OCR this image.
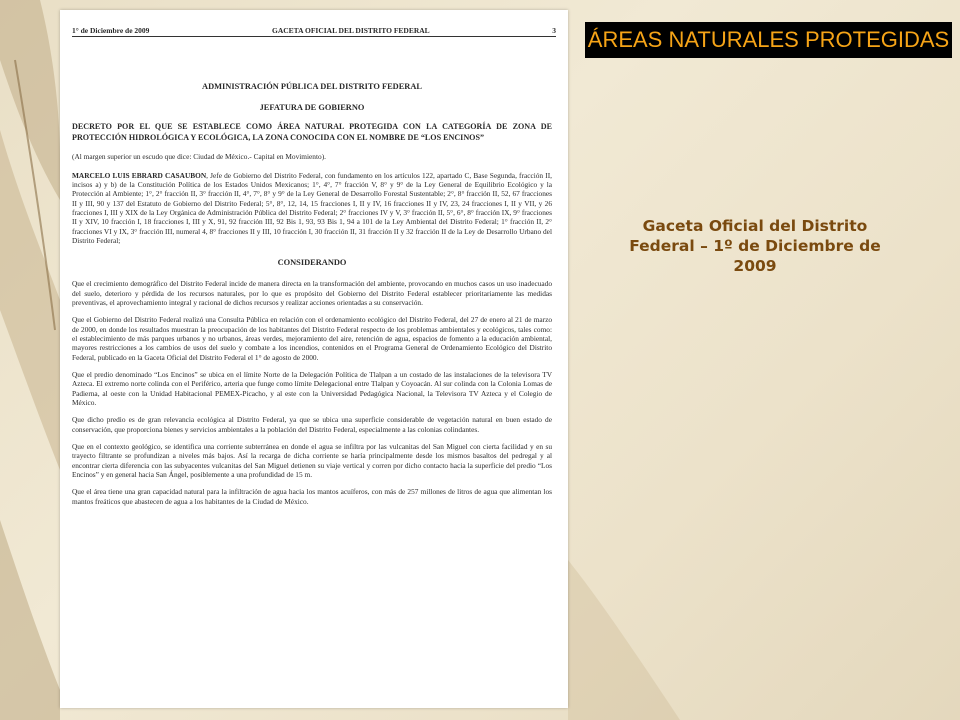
1° de Diciembre de 2009	GACETA OFICIAL DEL DISTRITO FEDERAL	3

ADMINISTRACIÓN PÚBLICA DEL DISTRITO FEDERAL

JEFATURA DE GOBIERNO

DECRETO POR EL QUE SE ESTABLECE COMO ÁREA NATURAL PROTEGIDA CON LA CATEGORÍA DE ZONA DE PROTECCIÓN HIDROLÓGICA Y ECOLÓGICA, LA ZONA CONOCIDA CON EL NOMBRE DE “LOS ENCINOS”

(Al margen superior un escudo que dice: Ciudad de México.- Capital en Movimiento).

MARCELO LUIS EBRARD CASAUBON, Jefe de Gobierno del Distrito Federal, con fundamento en los artículos 122, apartado C, Base Segunda, fracción II, incisos a) y b) de la Constitución Política de los Estados Unidos Mexicanos; 1°, 4°, 7° fracción V, 8° y 9° de la Ley General de Equilibrio Ecológico y la Protección al Ambiente; 1°, 2° fracción II, 3° fracción II, 4°, 7°, 8° y 9° de la Ley General de Desarrollo Forestal Sustentable; 2°, 8° fracción II, 52, 67 fracciones II y III, 90 y 137 del Estatuto de Gobierno del Distrito Federal; 5°, 8°, 12, 14, 15 fracciones I, II y IV, 16 fracciones II y IV, 23, 24 fracciones I, II y VII, y 26 fracciones I, III y XIX de la Ley Orgánica de Administración Pública del Distrito Federal; 2° fracciones IV y V, 3° fracción II, 5°, 6°, 8° fracción IX, 9° fracciones II y XIV, 10 fracción I, 18 fracciones I, III y X, 91, 92 fracción III, 92 Bis 1, 93, 93 Bis 1, 94 a 101 de la Ley Ambiental del Distrito Federal; 1° fracción II, 2° fracciones VI y IX, 3° fracción III, numeral 4, 8° fracciones II y III, 10 fracción I, 30 fracción II, 31 fracción II y 32 fracción II de la Ley de Desarrollo Urbano del Distrito Federal;

CONSIDERANDO

Que el crecimiento demográfico del Distrito Federal incide de manera directa en la transformación del ambiente, provocando en muchos casos un uso inadecuado del suelo, deterioro y pérdida de los recursos naturales, por lo que es propósito del Gobierno del Distrito Federal establecer prioritariamente las medidas preventivas, el aprovechamiento integral y racional de dichos recursos y realizar acciones orientadas a su conservación.

Que el Gobierno del Distrito Federal realizó una Consulta Pública en relación con el ordenamiento ecológico del Distrito Federal, del 27 de enero al 21 de marzo de 2000, en donde los resultados muestran la preocupación de los habitantes del Distrito Federal respecto de los problemas ambientales y ecológicos, tales como: el establecimiento de más parques urbanos y no urbanos, áreas verdes, mejoramiento del aire, retención de agua, espacios de fomento a la educación ambiental, mayores restricciones a los cambios de usos del suelo y combate a los incendios, contenidos en el Programa General de Ordenamiento Ecológico del Distrito Federal, publicado en la Gaceta Oficial del Distrito Federal el 1° de agosto de 2000.

Que el predio denominado “Los Encinos” se ubica en el límite Norte de la Delegación Política de Tlalpan a un costado de las instalaciones de la televisora TV Azteca. El extremo norte colinda con el Periférico, arteria que funge como límite Delegacional entre Tlalpan y Coyoacán. Al sur colinda con la Colonia Lomas de Padierna, al oeste con la Unidad Habitacional PEMEX-Picacho, y al este con la Universidad Pedagógica Nacional, la Televisora TV Azteca y el Colegio de México.

Que dicho predio es de gran relevancia ecológica al Distrito Federal, ya que se ubica una superficie considerable de vegetación natural en buen estado de conservación, que proporciona bienes y servicios ambientales a la población del Distrito Federal, especialmente a las colonias colindantes.

Que en el contexto geológico, se identifica una corriente subterránea en donde el agua se infiltra por las vulcanitas del San Miguel con cierta facilidad y en su trayecto filtrante se profundizan a niveles más bajos. Así la recarga de dicha corriente se haría principalmente desde los mismos basaltos del pedregal y al encontrar cierta diferencia con las subyacentes vulcanitas del San Miguel detienen su viaje vertical y corren por dicho contacto hacia la superficie del predio “Los Encinos” y en general hacia San Ángel, posiblemente a una profundidad de 15 m.

Que el área tiene una gran capacidad natural para la infiltración de agua hacia los mantos acuíferos, con más de 257 millones de litros de agua que alimentan los mantos freáticos que abastecen de agua a los habitantes de la Ciudad de México.

ÁREAS NATURALES PROTEGIDAS
Gaceta Oficial del Distrito Federal – 1º de Diciembre de 2009
